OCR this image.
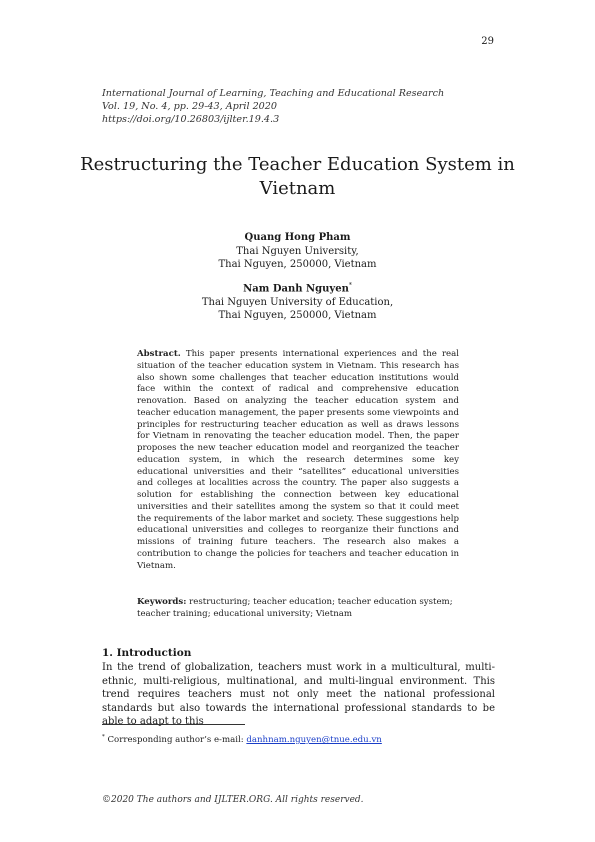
29
International Journal of Learning, Teaching and Educational Research
Vol. 19, No. 4, pp. 29-43, April 2020
https://doi.org/10.26803/ijlter.19.4.3
Restructuring the Teacher Education System in Vietnam
Quang Hong Pham
Thai Nguyen University,
Thai Nguyen, 250000, Vietnam
Nam Danh Nguyen*
Thai Nguyen University of Education,
Thai Nguyen, 250000, Vietnam
Abstract. This paper presents international experiences and the real situation of the teacher education system in Vietnam. This research has also shown some challenges that teacher education institutions would face within the context of radical and comprehensive education renovation. Based on analyzing the teacher education system and teacher education management, the paper presents some viewpoints and principles for restructuring teacher education as well as draws lessons for Vietnam in renovating the teacher education model. Then, the paper proposes the new teacher education model and reorganized the teacher education system, in which the research determines some key educational universities and their “satellites” educational universities and colleges at localities across the country. The paper also suggests a solution for establishing the connection between key educational universities and their satellites among the system so that it could meet the requirements of the labor market and society. These suggestions help educational universities and colleges to reorganize their functions and missions of training future teachers. The research also makes a contribution to change the policies for teachers and teacher education in Vietnam.
Keywords: restructuring; teacher education; teacher education system; teacher training; educational university; Vietnam
1. Introduction
In the trend of globalization, teachers must work in a multicultural, multi-ethnic, multi-religious, multinational, and multi-lingual environment. This trend requires teachers must not only meet the national professional standards but also towards the international professional standards to be able to adapt to this
* Corresponding author’s e-mail: danhnam.nguyen@tnue.edu.vn
©2020 The authors and IJLTER.ORG. All rights reserved.
